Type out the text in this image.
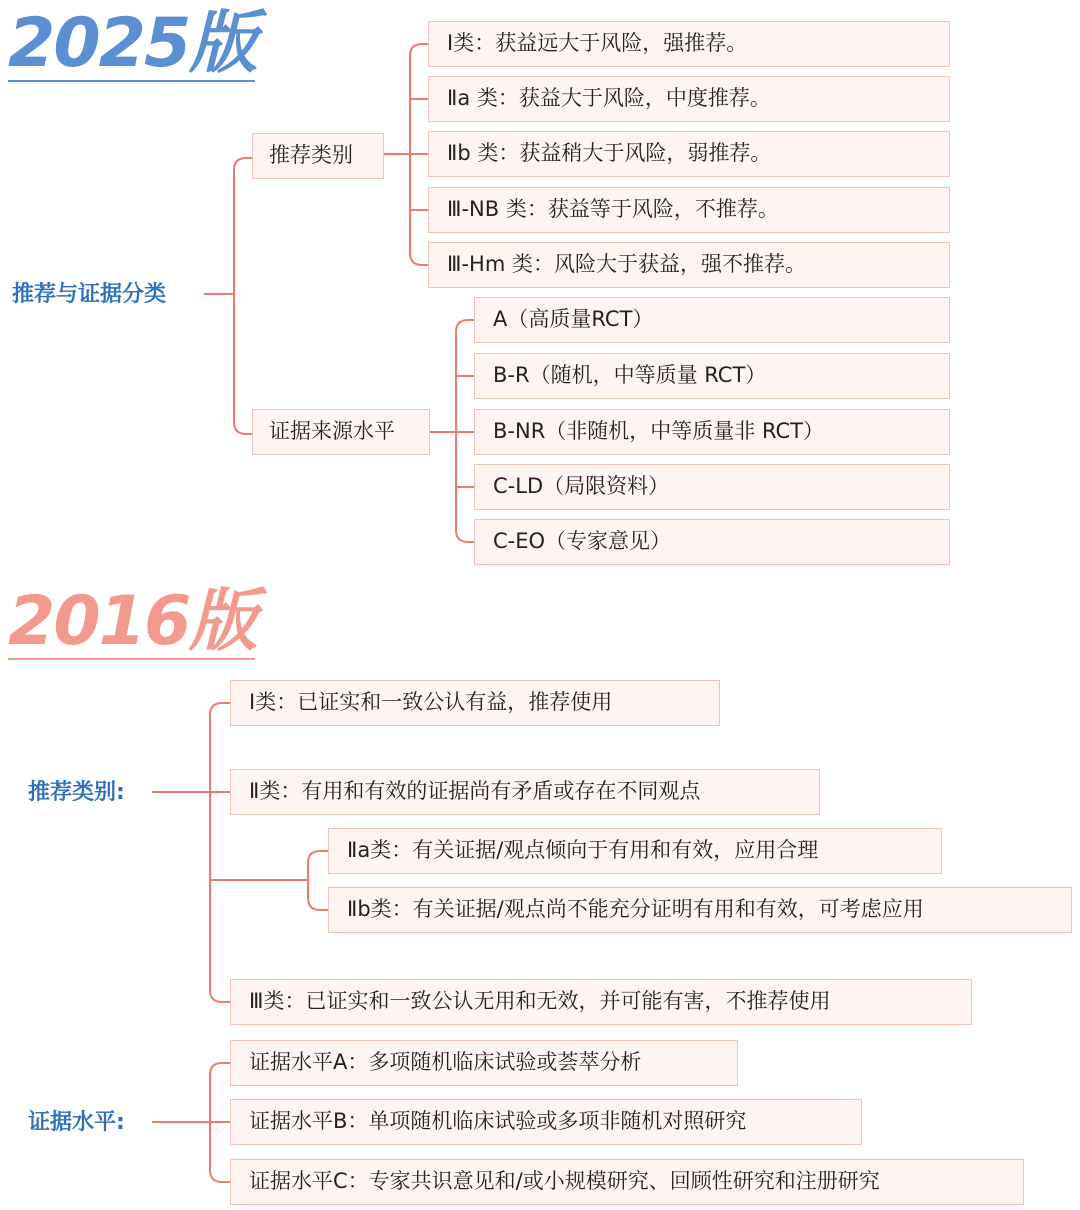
2025版
推荐与证据分类
推荐类别
证据来源水平
Ⅰ类：获益远大于风险，强推荐。
Ⅱa 类：获益大于风险，中度推荐。
Ⅱb 类：获益稍大于风险，弱推荐。
Ⅲ-NB 类：获益等于风险，不推荐。
Ⅲ-Hm 类：风险大于获益，强不推荐。
A（高质量RCT）
B-R（随机，中等质量 RCT）
B-NR（非随机，中等质量非 RCT）
C-LD（局限资料）
C-EO（专家意见）
2016版
推荐类别:
证据水平:
Ⅰ类：已证实和一致公认有益，推荐使用
Ⅱ类：有用和有效的证据尚有矛盾或存在不同观点
Ⅱa类：有关证据/观点倾向于有用和有效，应用合理
Ⅱb类：有关证据/观点尚不能充分证明有用和有效，可考虑应用
Ⅲ类：已证实和一致公认无用和无效，并可能有害，不推荐使用
证据水平A：多项随机临床试验或荟萃分析
证据水平B：单项随机临床试验或多项非随机对照研究
证据水平C：专家共识意见和/或小规模研究、回顾性研究和注册研究
